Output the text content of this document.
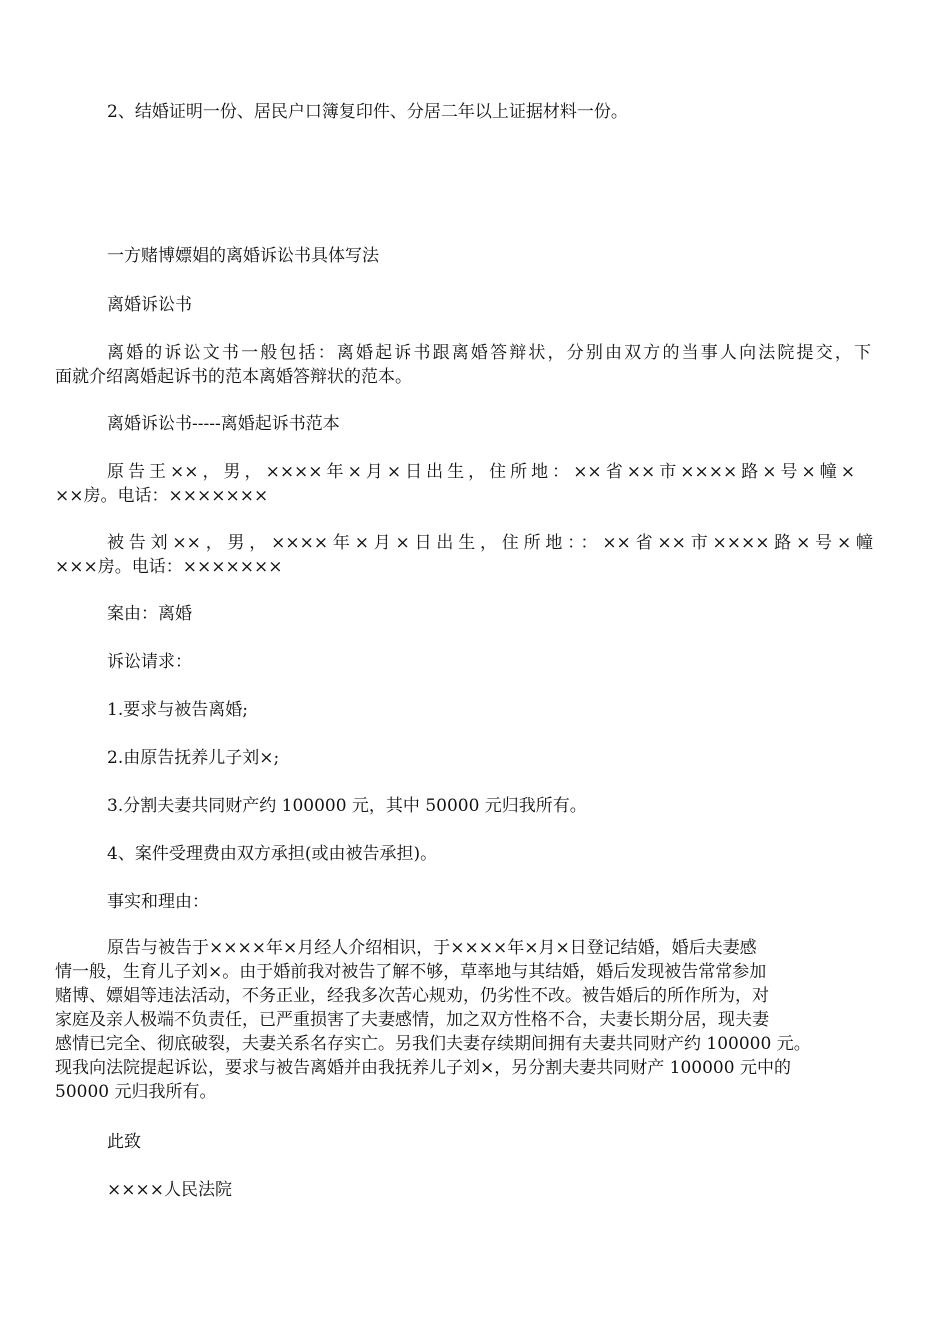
2、结婚证明一份、居民户口簿复印件、分居二年以上证据材料一份。

一方赌博嫖娼的离婚诉讼书具体写法

离婚诉讼书

离婚的诉讼文书一般包括：离婚起诉书跟离婚答辩状，分别由双方的当事人向法院提交，下
面就介绍离婚起诉书的范本离婚答辩状的范本。

离婚诉讼书-----离婚起诉书范本

原告王××，男，××××年×月×日出生，住所地：××省××市××××路×号×幢×
××房。电话：×××××××
被告刘××，男，××××年×月×日出生，住所地：：××省××市××××路×号×幢
×××房。电话：×××××××

案由：离婚

诉讼请求：

1.要求与被告离婚;

2.由原告抚养儿子刘×;

3.分割夫妻共同财产约 100000 元，其中 50000 元归我所有。

4、案件受理费由双方承担(或由被告承担)。

事实和理由：

原告与被告于××××年×月经人介绍相识，于××××年×月×日登记结婚，婚后夫妻感

情一般，生育儿子刘×。由于婚前我对被告了解不够，草率地与其结婚，婚后发现被告常常参加

赌博、嫖娼等违法活动，不务正业，经我多次苦心规劝，仍劣性不改。被告婚后的所作所为，对

家庭及亲人极端不负责任，已严重损害了夫妻感情，加之双方性格不合，夫妻长期分居，现夫妻

感情已完全、彻底破裂，夫妻关系名存实亡。另我们夫妻存续期间拥有夫妻共同财产约 100000 元。

现我向法院提起诉讼，要求与被告离婚并由我抚养儿子刘×，另分割夫妻共同财产 100000 元中的

50000 元归我所有。

此致

××××人民法院
